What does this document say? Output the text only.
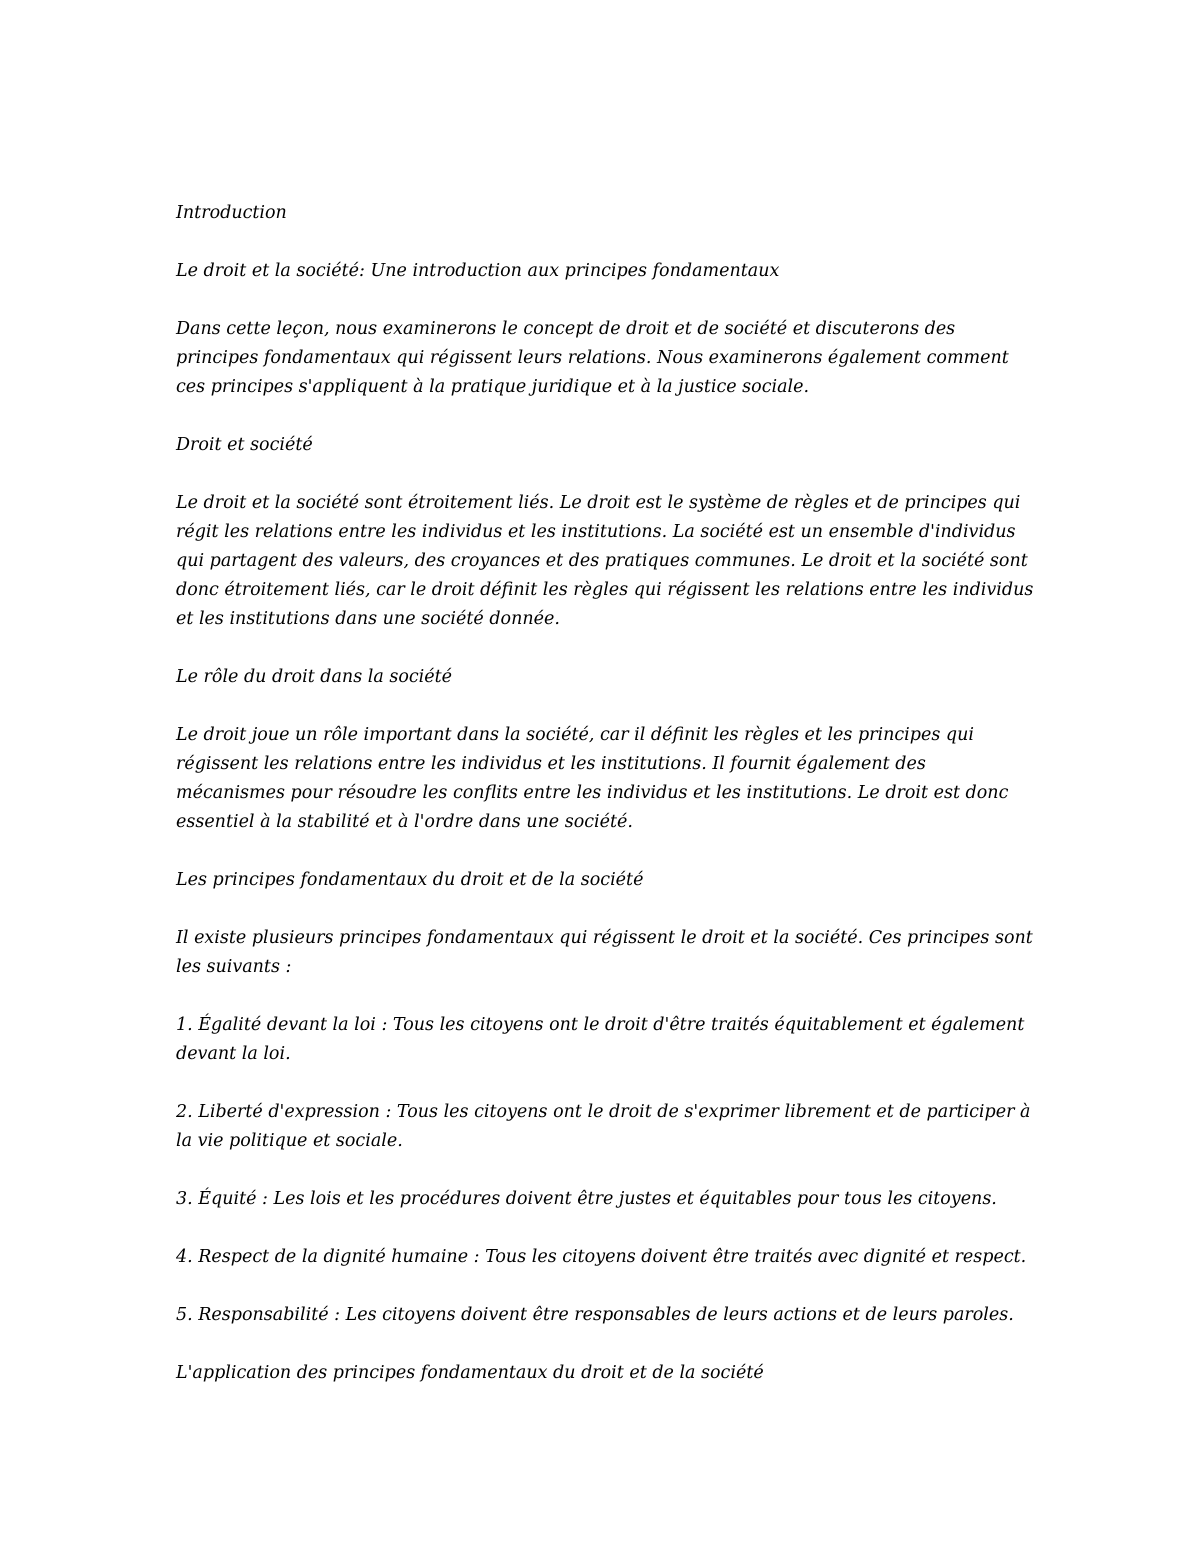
Introduction

Le droit et la société: Une introduction aux principes fondamentaux

Dans cette leçon, nous examinerons le concept de droit et de société et discuterons des principes fondamentaux qui régissent leurs relations. Nous examinerons également comment ces principes s'appliquent à la pratique juridique et à la justice sociale.

Droit et société

Le droit et la société sont étroitement liés. Le droit est le système de règles et de principes qui régit les relations entre les individus et les institutions. La société est un ensemble d'individus qui partagent des valeurs, des croyances et des pratiques communes. Le droit et la société sont donc étroitement liés, car le droit définit les règles qui régissent les relations entre les individus et les institutions dans une société donnée.

Le rôle du droit dans la société

Le droit joue un rôle important dans la société, car il définit les règles et les principes qui régissent les relations entre les individus et les institutions. Il fournit également des mécanismes pour résoudre les conflits entre les individus et les institutions. Le droit est donc essentiel à la stabilité et à l'ordre dans une société.

Les principes fondamentaux du droit et de la société

Il existe plusieurs principes fondamentaux qui régissent le droit et la société. Ces principes sont les suivants :

1. Égalité devant la loi : Tous les citoyens ont le droit d'être traités équitablement et également devant la loi.

2. Liberté d'expression : Tous les citoyens ont le droit de s'exprimer librement et de participer à la vie politique et sociale.

3. Équité : Les lois et les procédures doivent être justes et équitables pour tous les citoyens.

4. Respect de la dignité humaine : Tous les citoyens doivent être traités avec dignité et respect.

5. Responsabilité : Les citoyens doivent être responsables de leurs actions et de leurs paroles.

L'application des principes fondamentaux du droit et de la société
